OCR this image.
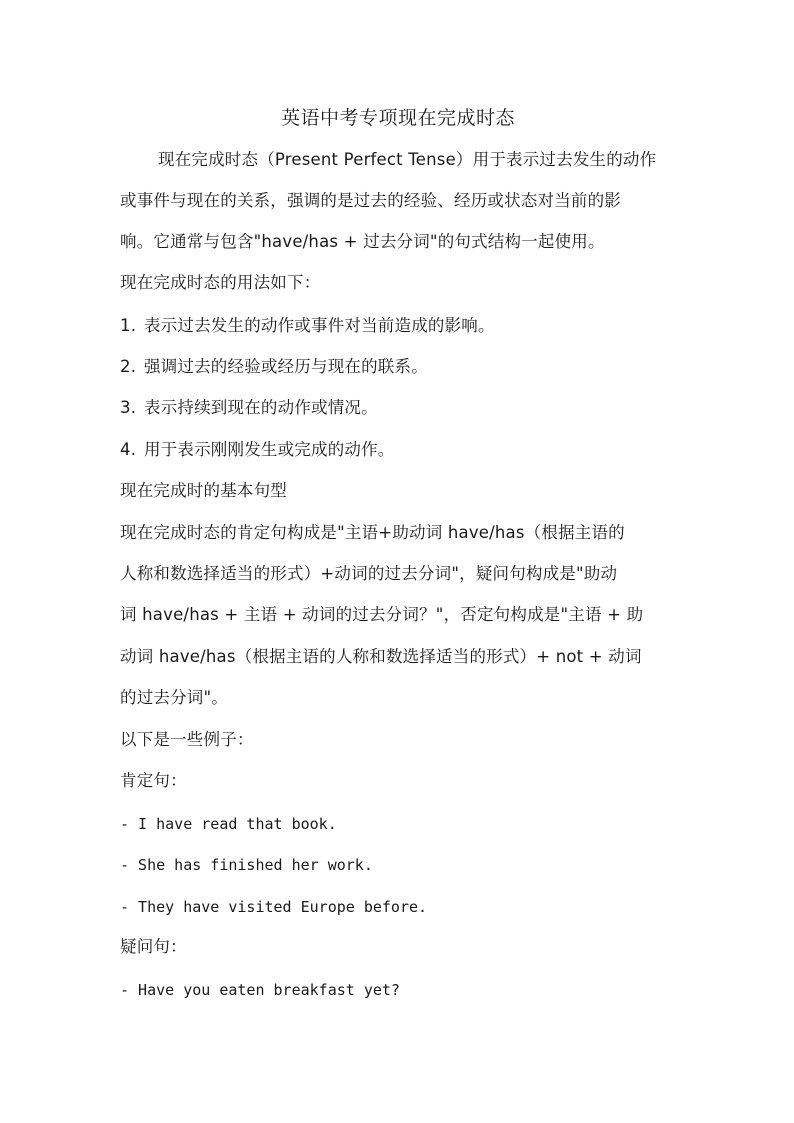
英语中考专项现在完成时态
现在完成时态（Present Perfect Tense）用于表示过去发生的动作
或事件与现在的关系，强调的是过去的经验、经历或状态对当前的影
响。它通常与包含"have/has + 过去分词"的句式结构一起使用。
现在完成时态的用法如下：
1. 表示过去发生的动作或事件对当前造成的影响。
2. 强调过去的经验或经历与现在的联系。
3. 表示持续到现在的动作或情况。
4. 用于表示刚刚发生或完成的动作。
现在完成时的基本句型
现在完成时态的肯定句构成是"主语+助动词 have/has（根据主语的
人称和数选择适当的形式）+动词的过去分词"，疑问句构成是"助动
词 have/has + 主语 + 动词的过去分词？"，否定句构成是"主语 + 助
动词 have/has（根据主语的人称和数选择适当的形式）+ not + 动词
的过去分词"。
以下是一些例子：
肯定句：
- I have read that book.
- She has finished her work.
- They have visited Europe before.
疑问句：
- Have you eaten breakfast yet?
